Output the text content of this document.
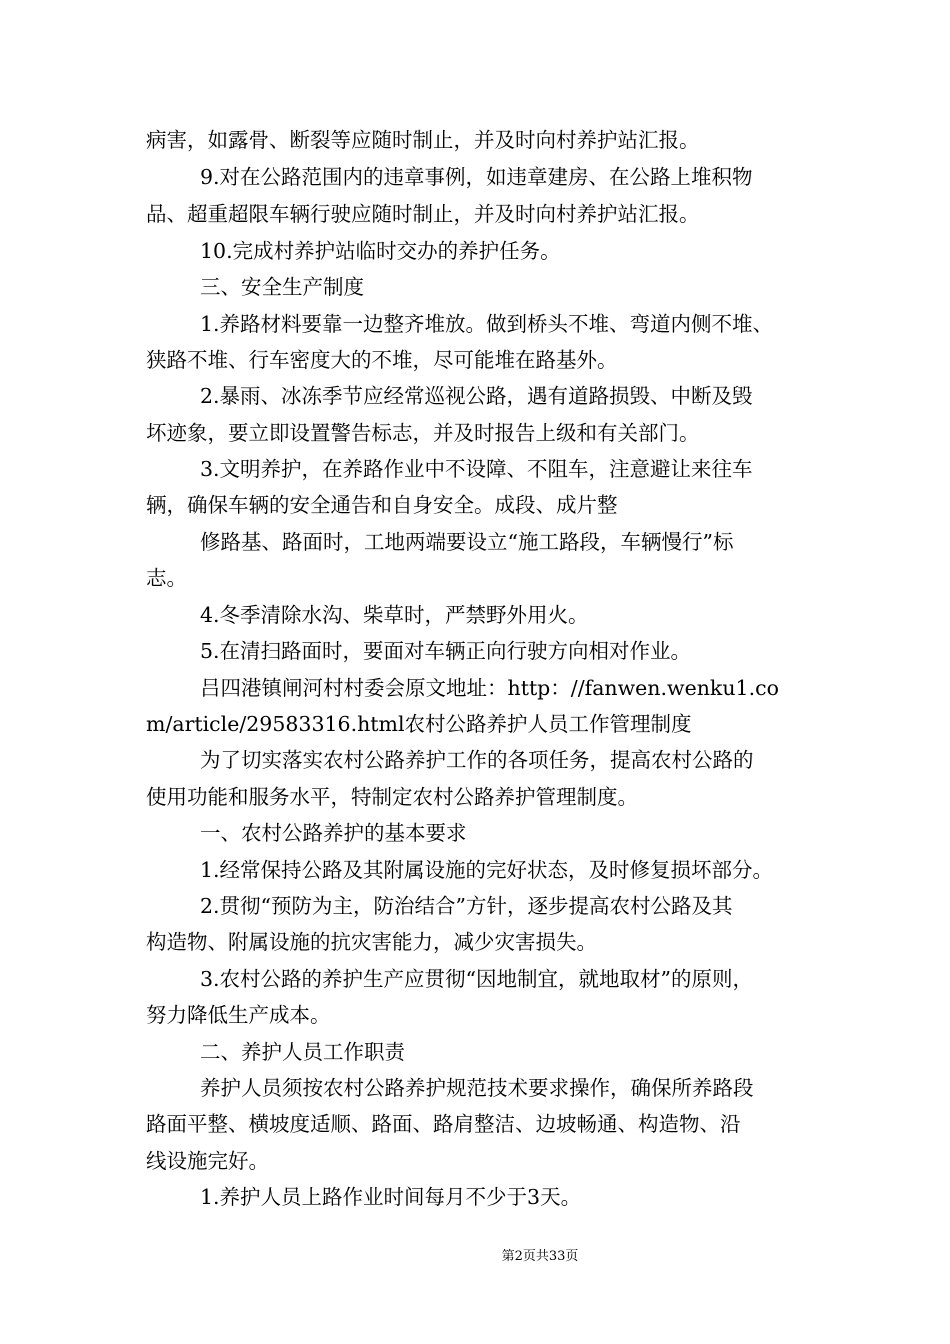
病害，如露骨、断裂等应随时制止，并及时向村养护站汇报。
9.对在公路范围内的违章事例，如违章建房、在公路上堆积物
品、超重超限车辆行驶应随时制止，并及时向村养护站汇报。
10.完成村养护站临时交办的养护任务。
三、安全生产制度
1.养路材料要靠一边整齐堆放。做到桥头不堆、弯道内侧不堆、
狭路不堆、行车密度大的不堆，尽可能堆在路基外。
2.暴雨、冰冻季节应经常巡视公路，遇有道路损毁、中断及毁
坏迹象，要立即设置警告标志，并及时报告上级和有关部门。
3.文明养护，在养路作业中不设障、不阻车，注意避让来往车
辆，确保车辆的安全通告和自身安全。成段、成片整
修路基、路面时，工地两端要设立“施工路段，车辆慢行”标
志。
4.冬季清除水沟、柴草时，严禁野外用火。
5.在清扫路面时，要面对车辆正向行驶方向相对作业。
吕四港镇闸河村村委会原文地址：http：//fanwen.wenku1.co
m/article/29583316.html农村公路养护人员工作管理制度
为了切实落实农村公路养护工作的各项任务，提高农村公路的
使用功能和服务水平，特制定农村公路养护管理制度。
一、农村公路养护的基本要求
1.经常保持公路及其附属设施的完好状态，及时修复损坏部分。
2.贯彻“预防为主，防治结合”方针，逐步提高农村公路及其
构造物、附属设施的抗灾害能力，减少灾害损失。
3.农村公路的养护生产应贯彻“因地制宜，就地取材”的原则，
努力降低生产成本。
二、养护人员工作职责
养护人员须按农村公路养护规范技术要求操作，确保所养路段
路面平整、横坡度适顺、路面、路肩整洁、边坡畅通、构造物、沿
线设施完好。
1.养护人员上路作业时间每月不少于3天。
第2页共33页
